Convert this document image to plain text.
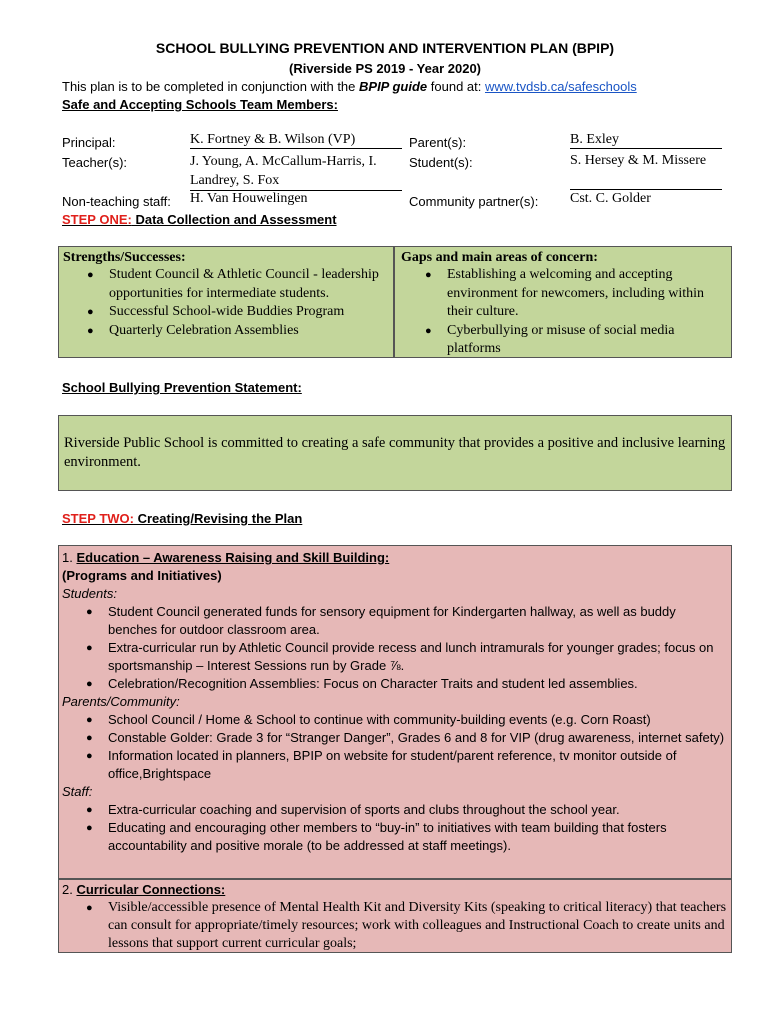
SCHOOL BULLYING PREVENTION AND INTERVENTION PLAN (BPIP)
(Riverside PS 2019 - Year 2020)
This plan is to be completed in conjunction with the BPIP guide found at: www.tvdsb.ca/safeschools
Safe and Accepting Schools Team Members:
Principal:	K. Fortney & B. Wilson (VP)
Teacher(s):	J. Young, A. McCallum-Harris, I.
Landrey, S. Fox
Non-teaching staff: H. Van Houwelingen
Parent(s):	B. Exley
Student(s):	S. Hersey & M. Missere
Community partner(s): Cst. C. Golder
STEP ONE: Data Collection and Assessment
Strengths/Successes:
● Student Council & Athletic Council - leadership opportunities for intermediate students.
● Successful School-wide Buddies Program
● Quarterly Celebration Assemblies
Gaps and main areas of concern:
● Establishing a welcoming and accepting environment for newcomers, including within their culture.
● Cyberbullying or misuse of social media platforms
School Bullying Prevention Statement:
Riverside Public School is committed to creating a safe community that provides a positive and inclusive learning environment.
STEP TWO: Creating/Revising the Plan
1. Education – Awareness Raising and Skill Building:
(Programs and Initiatives)
Students:
● Student Council generated funds for sensory equipment for Kindergarten hallway, as well as buddy benches for outdoor classroom area.
● Extra-curricular run by Athletic Council provide recess and lunch intramurals for younger grades; focus on sportsmanship – Interest Sessions run by Grade ⅞.
● Celebration/Recognition Assemblies: Focus on Character Traits and student led assemblies.
Parents/Community:
● School Council / Home & School to continue with community-building events (e.g. Corn Roast)
● Constable Golder: Grade 3 for “Stranger Danger”, Grades 6 and 8 for VIP (drug awareness, internet safety)
● Information located in planners, BPIP on website for student/parent reference, tv monitor outside of office,Brightspace
Staff:
● Extra-curricular coaching and supervision of sports and clubs throughout the school year.
● Educating and encouraging other members to “buy-in” to initiatives with team building that fosters accountability and positive morale (to be addressed at staff meetings).
2. Curricular Connections:
● Visible/accessible presence of Mental Health Kit and Diversity Kits (speaking to critical literacy) that teachers can consult for appropriate/timely resources; work with colleagues and Instructional Coach to create units and lessons that support current curricular goals;
